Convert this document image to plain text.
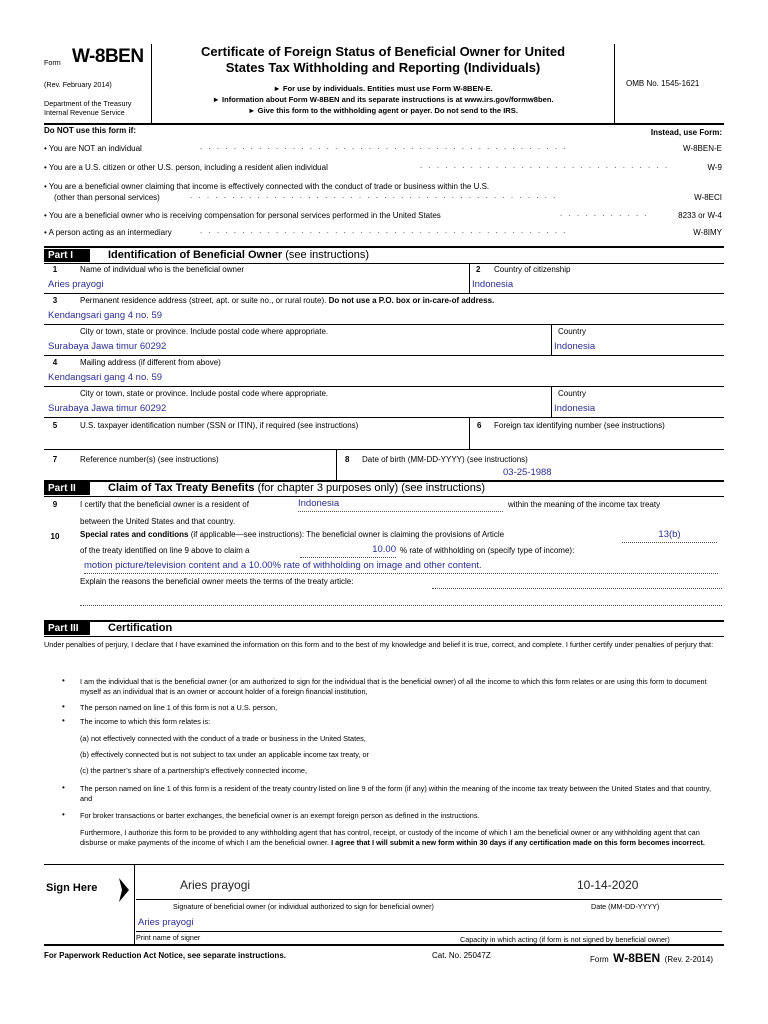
Form W-8BEN
(Rev. February 2014)
Department of the Treasury
Internal Revenue Service
Certificate of Foreign Status of Beneficial Owner for United
States Tax Withholding and Reporting (Individuals)
► For use by individuals. Entities must use Form W-8BEN-E.
► Information about Form W-8BEN and its separate instructions is at www.irs.gov/formw8ben.
► Give this form to the withholding agent or payer. Do not send to the IRS.
OMB No. 1545-1621
Do NOT use this form if:	Instead, use Form:
• You are NOT an individual	. . . . . . . . . . . . . . . . . . . . . . . . . . . . . . . . . . . . . . . . . . . .	W-8BEN-E
• You are a U.S. citizen or other U.S. person, including a resident alien individual	. . . . . . . . . . . . . . . . . . . . . . . . . . . . . .	W-9
• You are a beneficial owner claiming that income is effectively connected with the conduct of trade or business within the U.S.
(other than personal services)	. . . . . . . . . . . . . . . . . . . . . . . . . . . . . . . . . . . . . . . . . . . .	W-8ECI
• You are a beneficial owner who is receiving compensation for personal services performed in the United States	. . . . . . . . . . .	8233 or W-4
• A person acting as an intermediary	. . . . . . . . . . . . . . . . . . . . . . . . . . . . . . . . . . . . . . . . . . . .	W-8IMY
Part I	Identification of Beneficial Owner (see instructions)
1	Name of individual who is the beneficial owner
Aries prayogi
2 Country of citizenship
Indonesia
3	Permanent residence address (street, apt. or suite no., or rural route). Do not use a P.O. box or in-care-of address.
Kendangsari gang 4 no. 59
City or town, state or province. Include postal code where appropriate.
Surabaya Jawa timur 60292
Country
Indonesia
4	Mailing address (if different from above)
Kendangsari gang 4 no. 59
City or town, state or province. Include postal code where appropriate.
Surabaya Jawa timur 60292
Country
Indonesia
5	U.S. taxpayer identification number (SSN or ITIN), if required (see instructions)	6 Foreign tax identifying number (see instructions)
7	Reference number(s) (see instructions)	8 Date of birth (MM-DD-YYYY) (see instructions)
03-25-1988
Part II	Claim of Tax Treaty Benefits (for chapter 3 purposes only) (see instructions)
9	I certify that the beneficial owner is a resident of	Indonesia	within the meaning of the income tax treaty
between the United States and that country.
10	Special rates and conditions (if applicable—see instructions): The beneficial owner is claiming the provisions of Article	13(b)
of the treaty identified on line 9 above to claim a	10.00 % rate of withholding on (specify type of income):
motion picture/television content and a 10.00% rate of withholding on image and other content.
Explain the reasons the beneficial owner meets the terms of the treaty article:
Part III	Certification
Under penalties of perjury, I declare that I have examined the information on this form and to the best of my knowledge and belief it is true, correct, and complete. I further certify under penalties of perjury that:
• I am the individual that is the beneficial owner (or am authorized to sign for the individual that is the beneficial owner) of all the income to which this form relates or are using this form to document myself as an individual that is an owner or account holder of a foreign financial institution,
• The person named on line 1 of this form is not a U.S. person,
• The income to which this form relates is:
(a) not effectively connected with the conduct of a trade or business in the United States,
(b) effectively connected but is not subject to tax under an applicable income tax treaty, or
(c) the partner’s share of a partnership’s effectively connected income,
• The person named on line 1 of this form is a resident of the treaty country listed on line 9 of the form (if any) within the meaning of the income tax treaty between the United States and that country, and
• For broker transactions or barter exchanges, the beneficial owner is an exempt foreign person as defined in the instructions.
Furthermore, I authorize this form to be provided to any withholding agent that has control, receipt, or custody of the income of which I am the beneficial owner or any withholding agent that can disburse or make payments of the income of which I am the beneficial owner. I agree that I will submit a new form within 30 days if any certification made on this form becomes incorrect.
Sign Here	Aries prayogi	10-14-2020
Signature of beneficial owner (or individual authorized to sign for beneficial owner)	Date (MM-DD-YYYY)
Aries prayogi
Print name of signer	Capacity in which acting (if form is not signed by beneficial owner)
For Paperwork Reduction Act Notice, see separate instructions.	Cat. No. 25047Z	Form W-8BEN (Rev. 2-2014)
